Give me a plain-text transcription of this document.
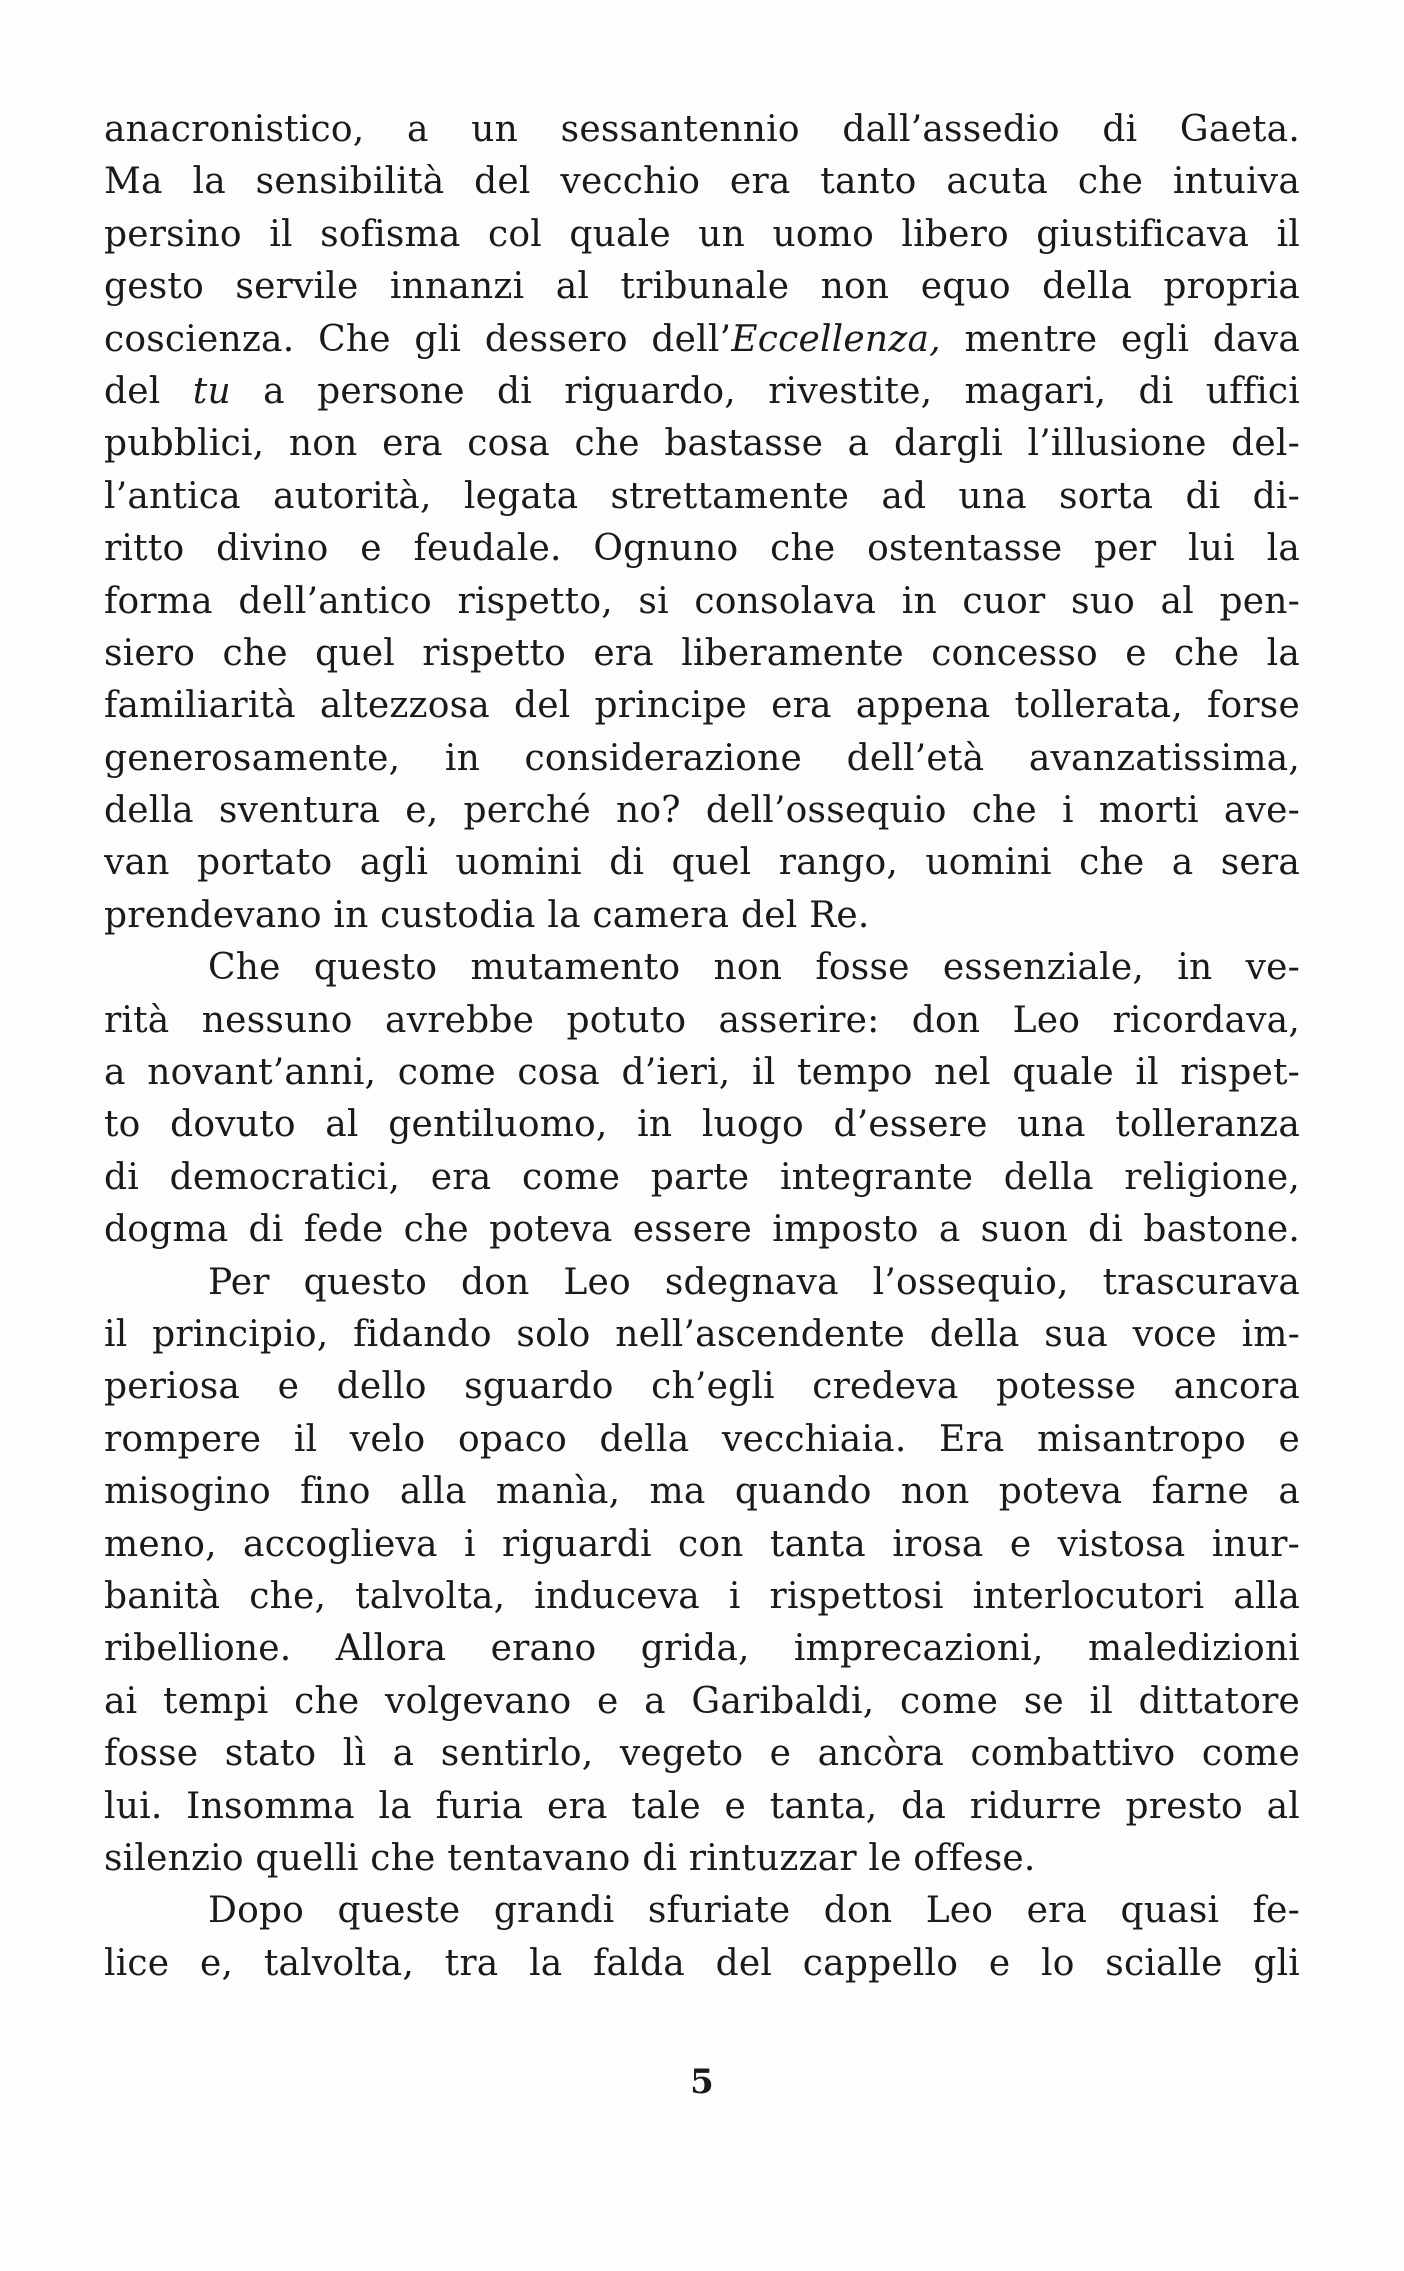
anacronistico, a un sessantennio dall’assedio di Gaeta.
Ma la sensibilità del vecchio era tanto acuta che intuiva
persino il sofisma col quale un uomo libero giustificava il
gesto servile innanzi al tribunale non equo della propria
coscienza. Che gli dessero dell’Eccellenza, mentre egli dava
del tu a persone di riguardo, rivestite, magari, di uffici
pubblici, non era cosa che bastasse a dargli l’illusione del-
l’antica autorità, legata strettamente ad una sorta di di-
ritto divino e feudale. Ognuno che ostentasse per lui la
forma dell’antico rispetto, si consolava in cuor suo al pen-
siero che quel rispetto era liberamente concesso e che la
familiarità altezzosa del principe era appena tollerata, forse
generosamente, in considerazione dell’età avanzatissima,
della sventura e, perché no? dell’ossequio che i morti ave-
van portato agli uomini di quel rango, uomini che a sera
prendevano in custodia la camera del Re.
Che questo mutamento non fosse essenziale, in ve-
rità nessuno avrebbe potuto asserire: don Leo ricordava,
a novant’anni, come cosa d’ieri, il tempo nel quale il rispet-
to dovuto al gentiluomo, in luogo d’essere una tolleranza
di democratici, era come parte integrante della religione,
dogma di fede che poteva essere imposto a suon di bastone.
Per questo don Leo sdegnava l’ossequio, trascurava
il principio, fidando solo nell’ascendente della sua voce im-
periosa e dello sguardo ch’egli credeva potesse ancora
rompere il velo opaco della vecchiaia. Era misantropo e
misogino fino alla manìa, ma quando non poteva farne a
meno, accoglieva i riguardi con tanta irosa e vistosa inur-
banità che, talvolta, induceva i rispettosi interlocutori alla
ribellione. Allora erano grida, imprecazioni, maledizioni
ai tempi che volgevano e a Garibaldi, come se il dittatore
fosse stato lì a sentirlo, vegeto e ancòra combattivo come
lui. Insomma la furia era tale e tanta, da ridurre presto al
silenzio quelli che tentavano di rintuzzar le offese.
Dopo queste grandi sfuriate don Leo era quasi fe-
lice e, talvolta, tra la falda del cappello e lo scialle gli
5
